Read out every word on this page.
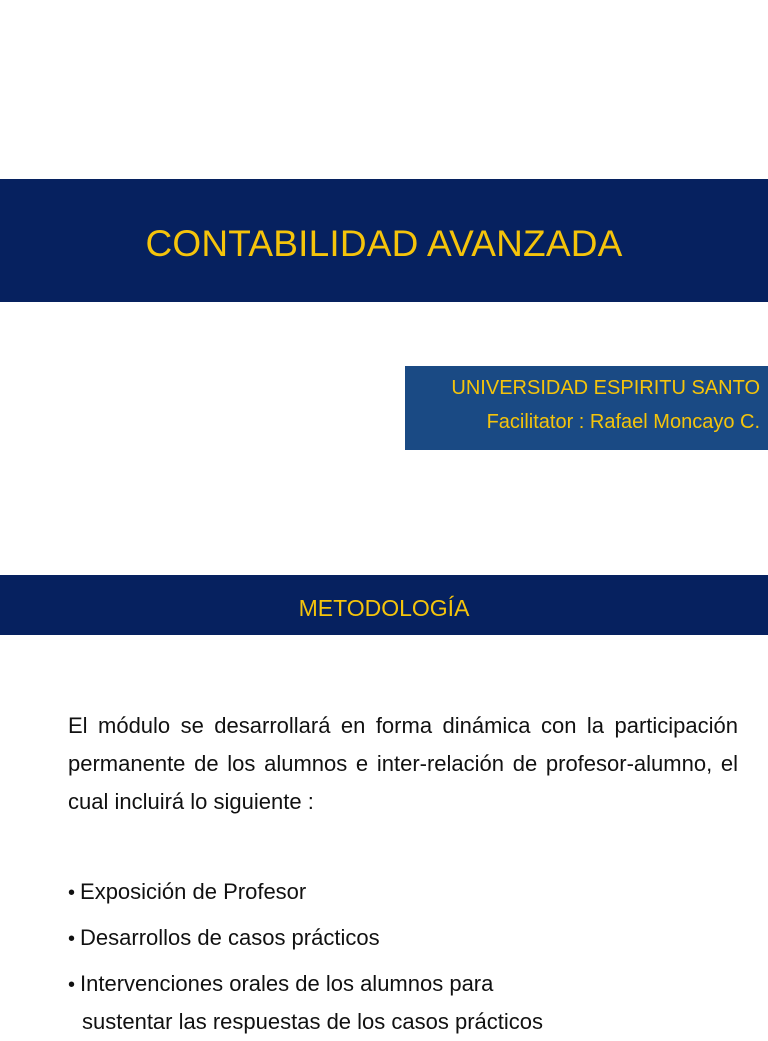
CONTABILIDAD AVANZADA
UNIVERSIDAD ESPIRITU SANTO
Facilitator : Rafael Moncayo C.
METODOLOGÍA
El módulo se desarrollará en forma dinámica con la participación permanente de los alumnos e inter-relación de profesor-alumno, el cual incluirá lo siguiente :
• Exposición de Profesor
• Desarrollos de casos prácticos
• Intervenciones orales de los alumnos para
sustentar las respuestas de los casos prácticos
